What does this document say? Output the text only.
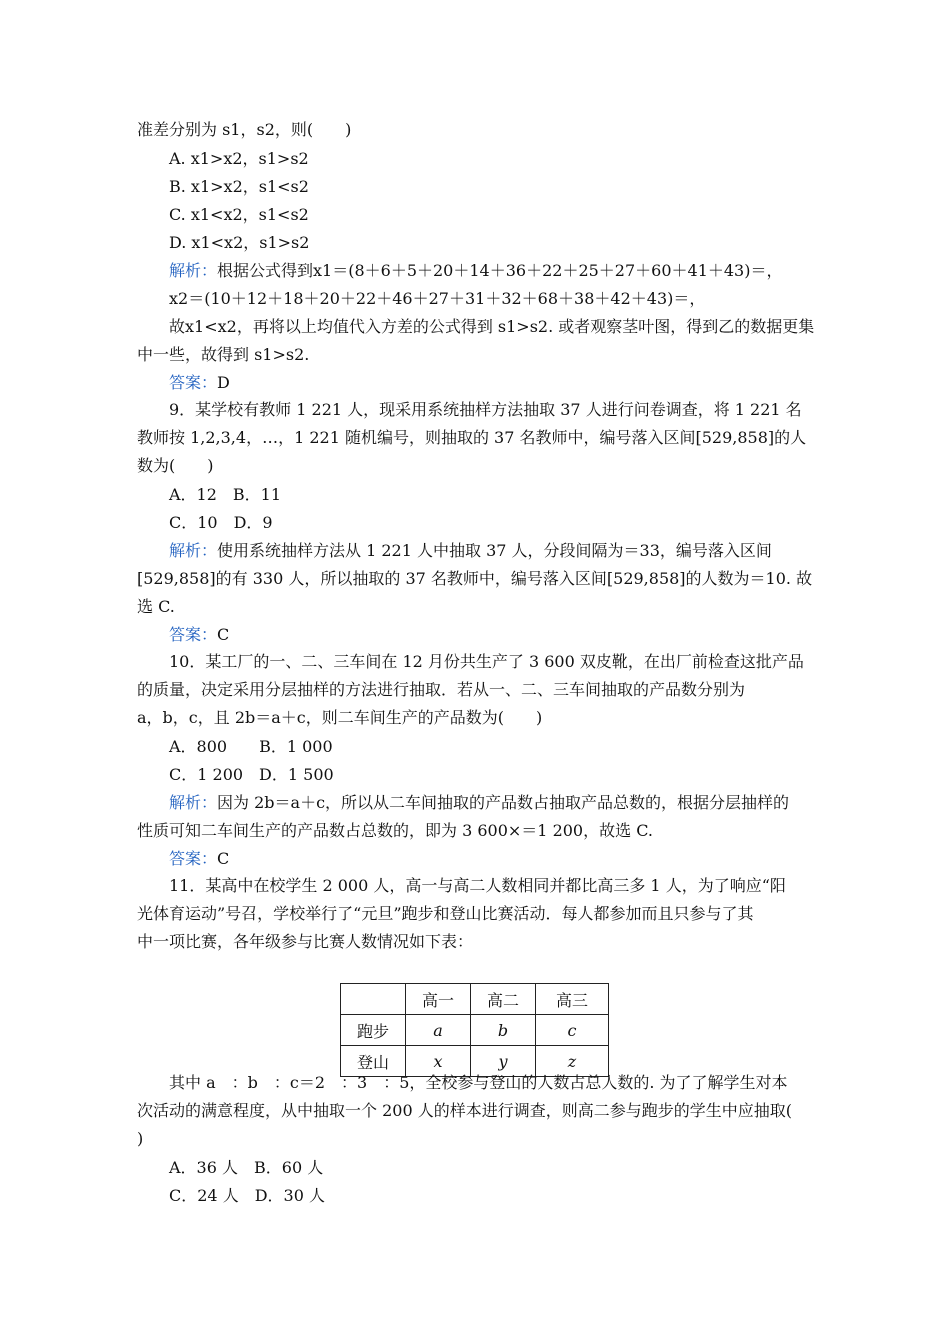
准差分别为 s1，s2，则(　　)
A. x1>x2，s1>s2
B. x1>x2，s1<s2
C. x1<x2，s1<s2
D. x1<x2，s1>s2
解析：根据公式得到x1＝(8＋6＋5＋20＋14＋36＋22＋25＋27＋60＋41＋43)＝，
x2＝(10＋12＋18＋20＋22＋46＋27＋31＋32＋68＋38＋42＋43)＝，
故x1<x2，再将以上均值代入方差的公式得到 s1>s2. 或者观察茎叶图，得到乙的数据更集
中一些，故得到 s1>s2.
答案：D
9．某学校有教师 1 221 人，现采用系统抽样方法抽取 37 人进行问卷调查，将 1 221 名
教师按 1,2,3,4，…，1 221 随机编号，则抽取的 37 名教师中，编号落入区间[529,858]的人
数为(　　)
A．12　B．11
C．10　D．9
解析：使用系统抽样方法从 1 221 人中抽取 37 人，分段间隔为＝33，编号落入区间
[529,858]的有 330 人，所以抽取的 37 名教师中，编号落入区间[529,858]的人数为＝10. 故
选 C.
答案：C
10．某工厂的一、二、三车间在 12 月份共生产了 3 600 双皮靴，在出厂前检查这批产品
的质量，决定采用分层抽样的方法进行抽取．若从一、二、三车间抽取的产品数分别为
a，b，c，且 2b＝a＋c，则二车间生产的产品数为(　　)
A．800　　B．1 000
C．1 200　D．1 500
解析：因为 2b＝a＋c，所以从二车间抽取的产品数占抽取产品总数的，根据分层抽样的
性质可知二车间生产的产品数占总数的，即为 3 600×＝1 200，故选 C.
答案：C
11．某高中在校学生 2 000 人，高一与高二人数相同并都比高三多 1 人，为了响应“阳
光体育运动”号召，学校举行了“元旦”跑步和登山比赛活动．每人都参加而且只参与了其
中一项比赛，各年级参与比赛人数情况如下表：
	高一	高二	高三
跑步	a	b	c
登山	x	y	z
其中 a　：b　：c＝2　：3　：5，全校参与登山的人数占总人数的. 为了了解学生对本
次活动的满意程度，从中抽取一个 200 人的样本进行调查，则高二参与跑步的学生中应抽取(
)
A．36 人　B．60 人
C．24 人　D．30 人
